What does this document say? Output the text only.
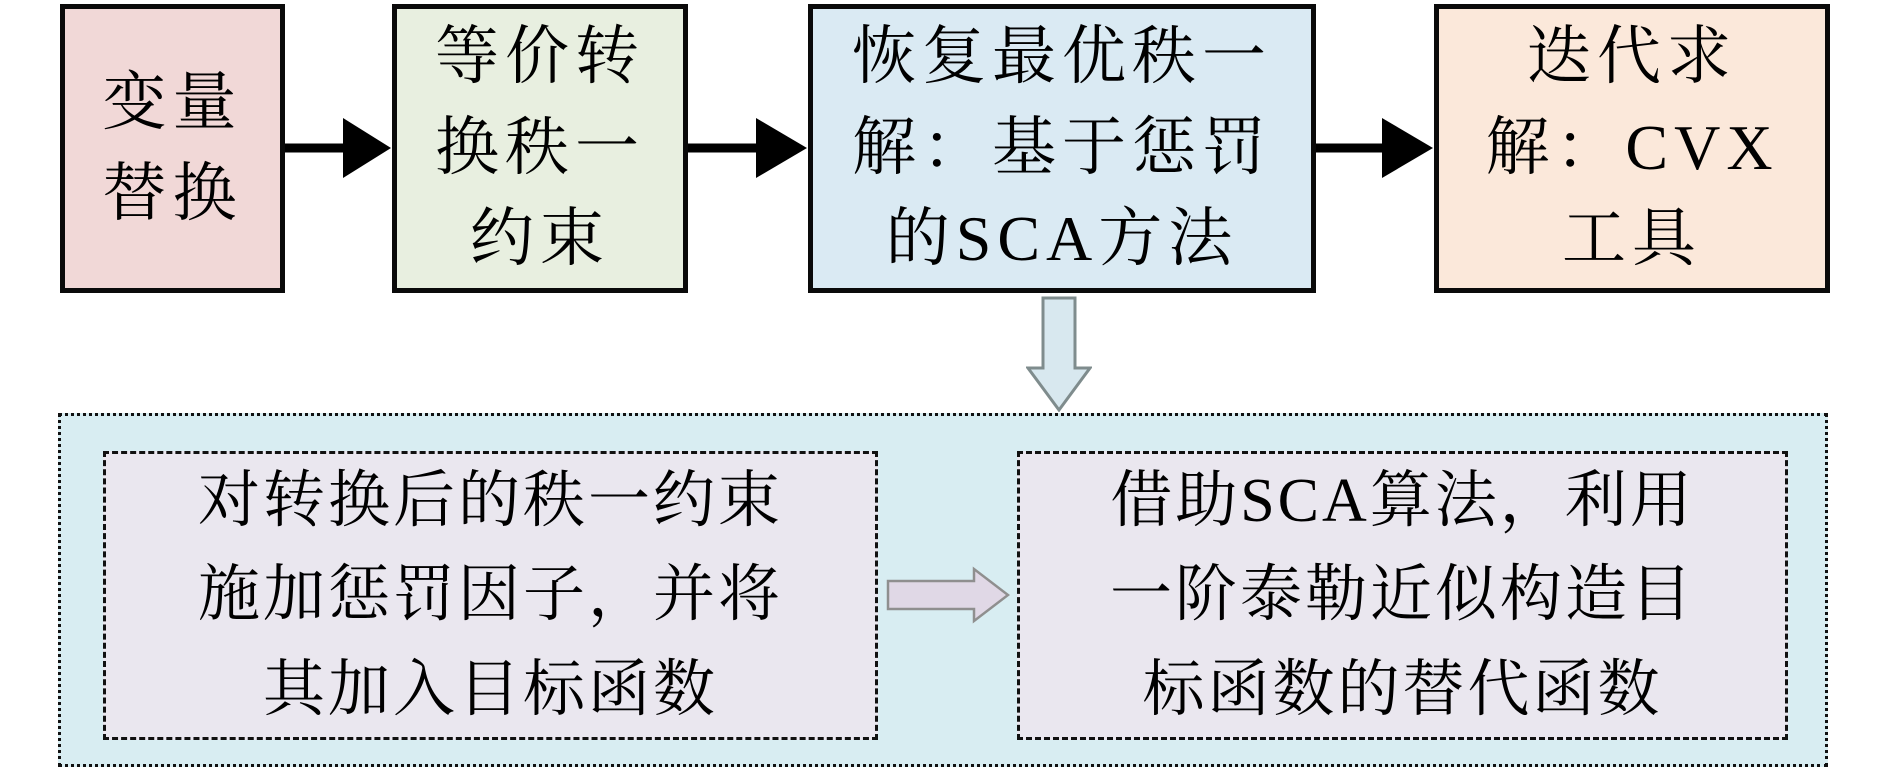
变量
替换
等价转
换秩一
约束
恢复最优秩一
解：基于惩罚
的SCA方法
迭代求
解：CVX
工具
对转换后的秩一约束
施加惩罚因子，并将
其加入目标函数
借助SCA算法，利用
一阶泰勒近似构造目
标函数的替代函数
